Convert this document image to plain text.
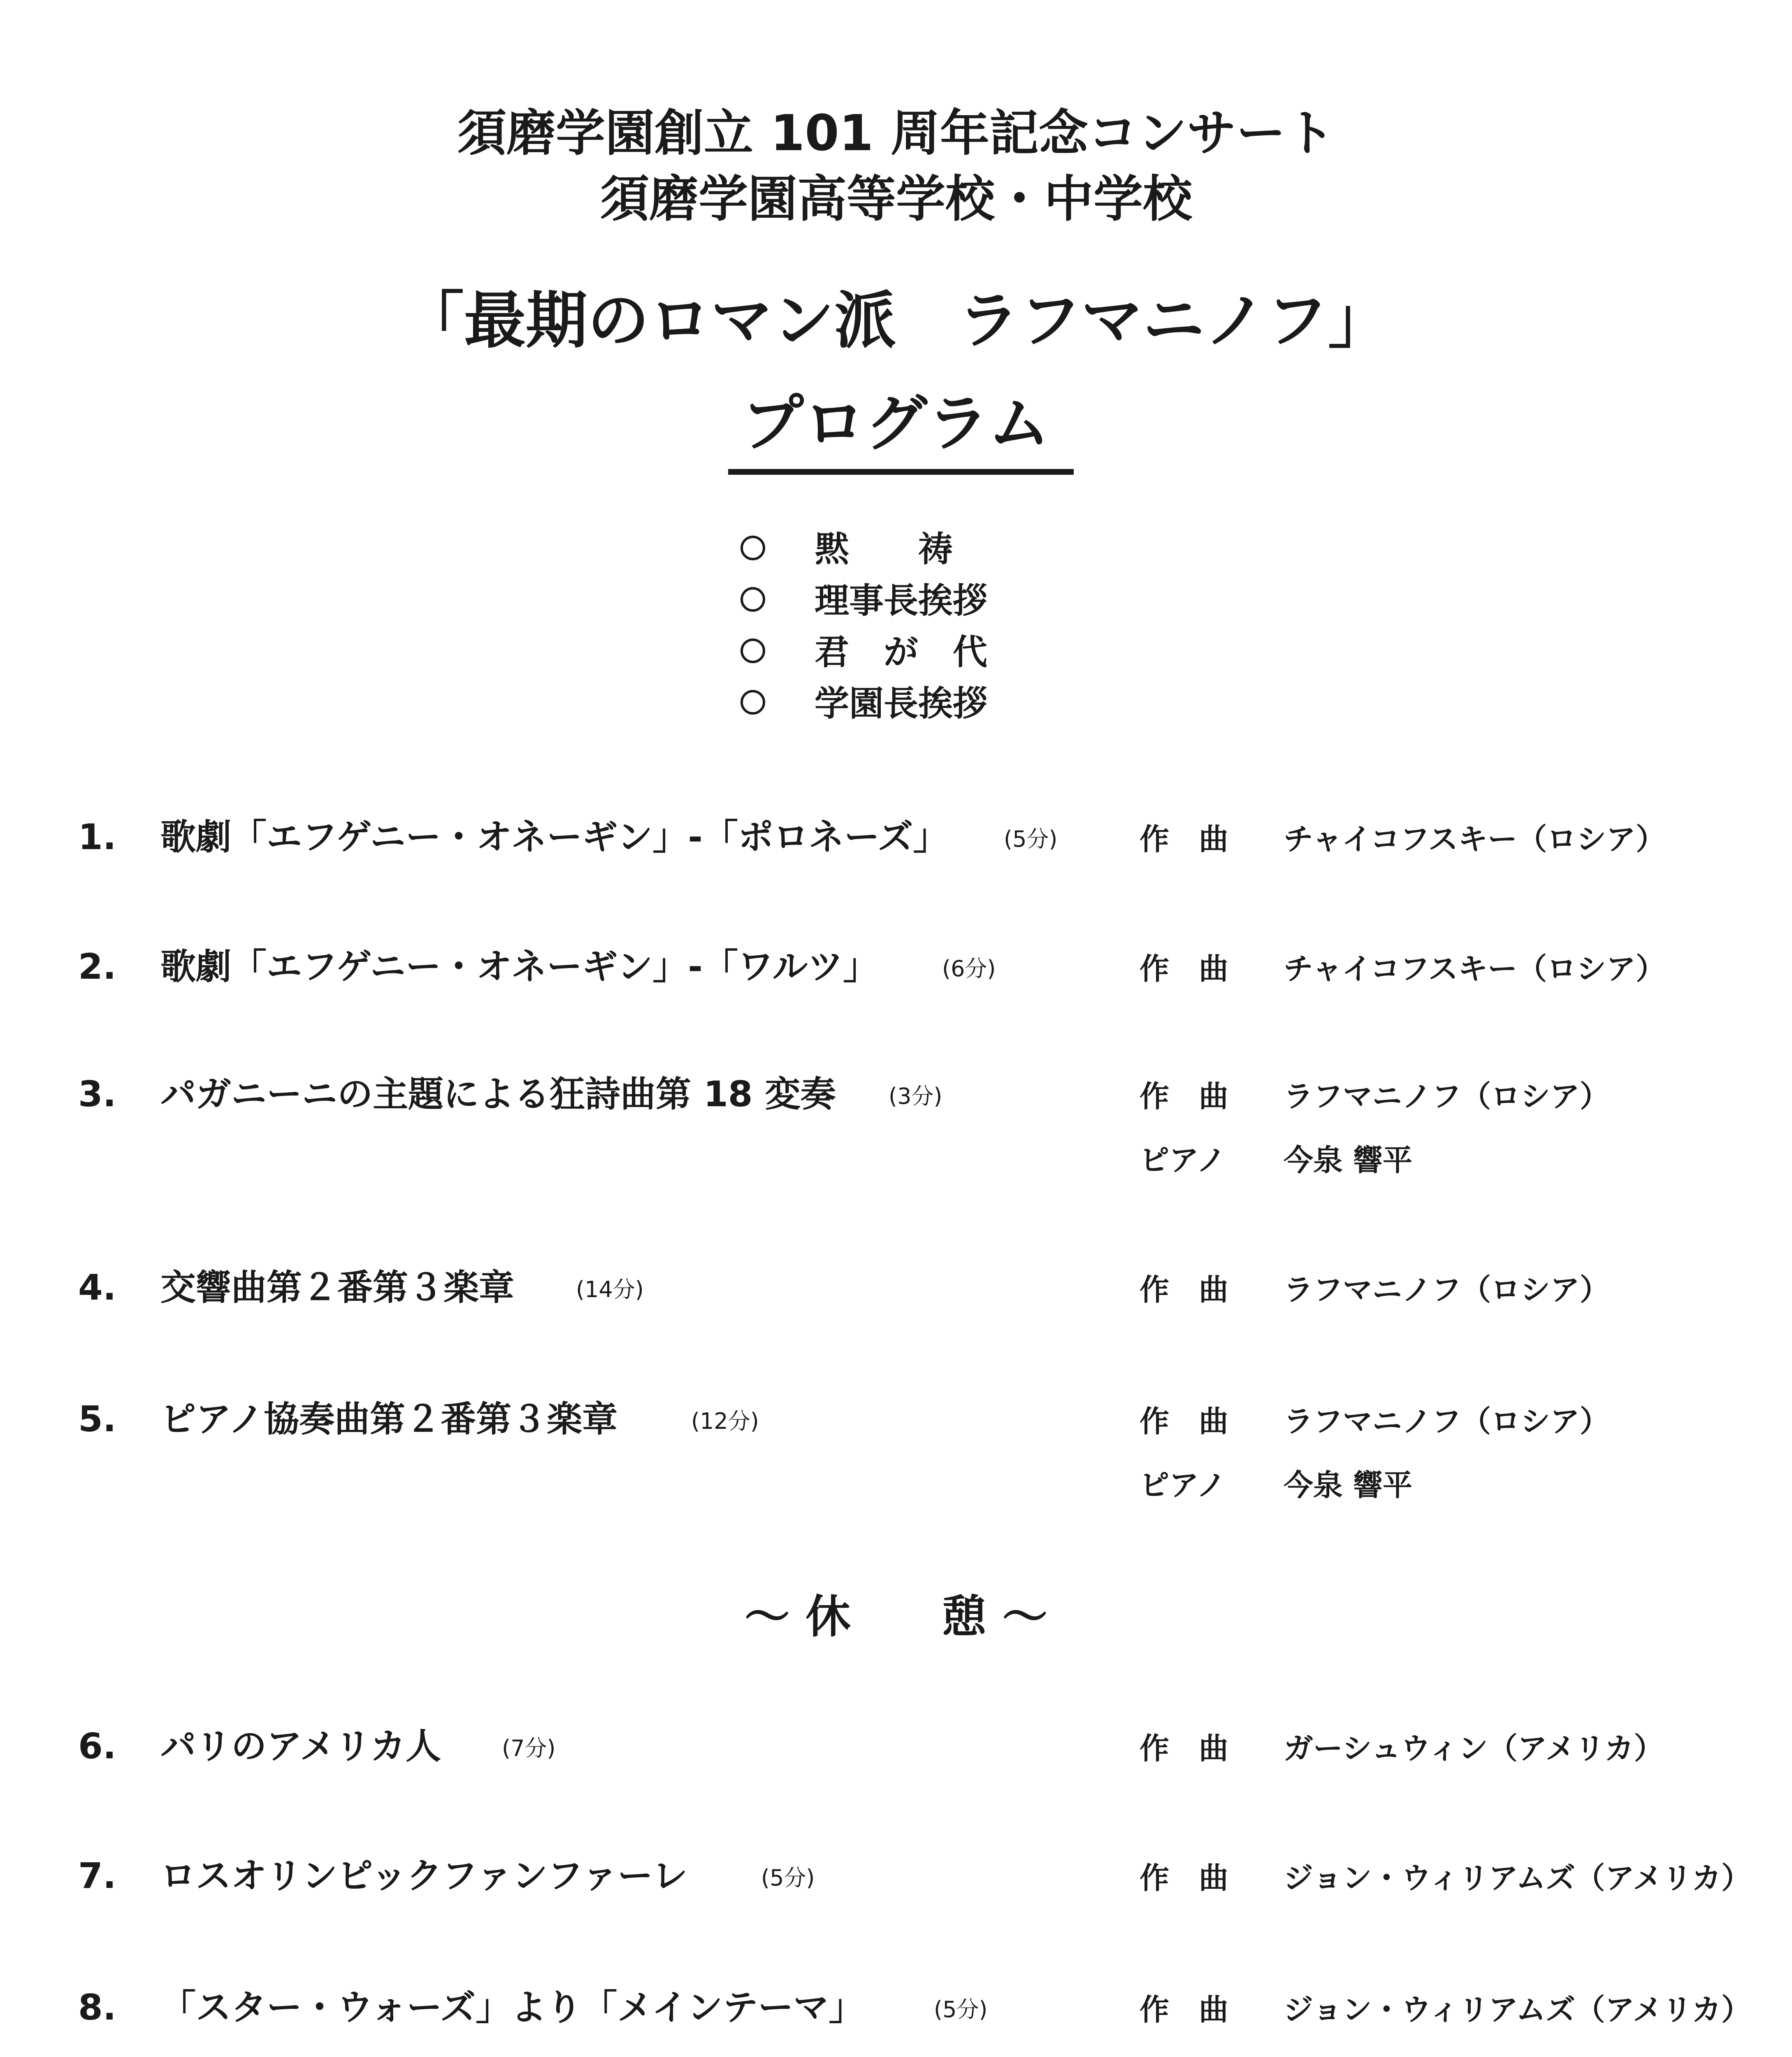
須磨学園創立 101 周年記念コンサート
須磨学園高等学校・中学校
「最期のロマン派　ラフマニノフ」
プログラム
黙　　祷
理事長挨拶
君　が　代
学園長挨拶
1. 歌劇「エフゲニー・オネーギン」-「ポロネーズ」 (5分)	作　曲 チャイコフスキー（ロシア）
2. 歌劇「エフゲニー・オネーギン」-「ワルツ」	(6分)	作　曲 チャイコフスキー（ロシア）
3. パガニーニの主題による狂詩曲第 18 変奏 (3分)	作　曲 ラフマニノフ（ロシア）
ピアノ 今泉 響平
4. 交響曲第２番第３楽章	(14分)	作　曲 ラフマニノフ（ロシア）
5. ピアノ協奏曲第２番第３楽章	(12分)	作　曲 ラフマニノフ（ロシア）
ピアノ 今泉 響平
〜 休　　憩 〜
6. パリのアメリカ人	(7分)	作　曲 ガーシュウィン（アメリカ）
7. ロスオリンピックファンファーレ	(5分)	作　曲 ジョン・ウィリアムズ（アメリカ）
8. 「スター・ウォーズ」より「メインテーマ」	(5分)	作　曲 ジョン・ウィリアムズ（アメリカ）
